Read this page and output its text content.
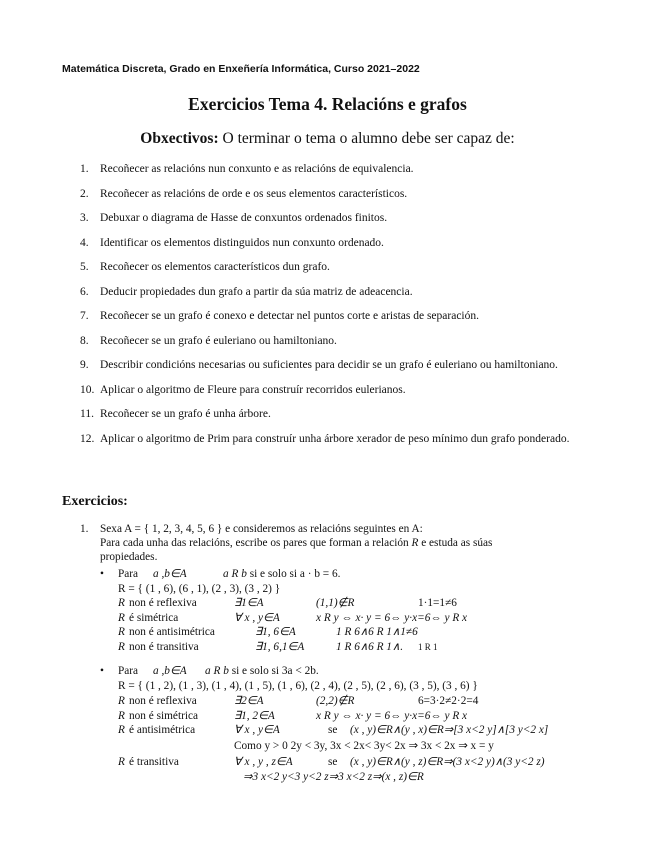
Matemática Discreta, Grado en Enxeñería Informática, Curso 2021–2022
Exercicios Tema 4. Relacións e grafos
Obxectivos: O terminar o tema o alumno debe ser capaz de:
1. Recoñecer as relacións nun conxunto e as relacións de equivalencia.
2. Recoñecer as relacións de orde e os seus elementos característicos.
3. Debuxar o diagrama de Hasse de conxuntos ordenados finitos.
4. Identificar os elementos distinguidos nun conxunto ordenado.
5. Recoñecer os elementos característicos dun grafo.
6. Deducir propiedades dun grafo a partir da súa matriz de adeacencia.
7. Recoñecer se un grafo é conexo e detectar nel puntos corte e aristas de separación.
8. Recoñecer se un grafo é euleriano ou hamiltoniano.
9. Describir condicións necesarias ou suficientes para decidir se un grafo é euleriano ou hamiltoniano.
10. Aplicar o algoritmo de Fleure para construír recorridos eulerianos.
11. Recoñecer se un grafo é unha árbore.
12. Aplicar o algoritmo de Prim para construír unha árbore xerador de peso mínimo dun grafo ponderado.
Exercicios:
1. Sexa A = { 1, 2, 3, 4, 5, 6 } e consideremos as relacións seguintes en A:
Para cada unha das relacións, escribe os pares que forman a relación R e estuda as súas
propiedades.
• Para a ,b∈A	a R b si e solo si a · b = 6.
R = { (1 , 6), (6 , 1), (2 , 3), (3 , 2) }
R non é reflexiva	∃1∈A	(1,1)∉R	1·1=1≠6
R é simétrica	∀ x , y∈A	x R y ⇔ x· y = 6⇔ y·x=6⇔ y R x
R non é antisimétrica	∃1, 6∈A	1 R 6∧6 R 1∧1≠6
R non é transitiva	∃1, 6,1∈A	1 R 6∧6 R 1∧. 1 R 1
• Para a ,b∈A a R b si e solo si 3a < 2b.
R = { (1 , 2), (1 , 3), (1 , 4), (1 , 5), (1 , 6), (2 , 4), (2 , 5), (2 , 6), (3 , 5), (3 , 6) }
R non é reflexiva	∃2∈A	(2,2)∉R	6=3·2≠2·2=4
R non é simétrica	∃1, 2∈A	x R y ⇔ x· y = 6⇔ y·x=6⇔ y R x
R é antisimétrica	∀ x , y∈A	se (x , y)∈R∧(y , x)∈R⇒[3 x<2 y]∧[3 y<2 x]
Como y > 0 2y < 3y, 3x < 2x< 3y< 2x ⇒ 3x < 2x ⇒ x = y
R é transitiva	∀ x , y , z∈A	se (x , y)∈R∧(y , z)∈R⇒(3 x<2 y)∧(3 y<2 z)
⇒3 x<2 y<3 y<2 z⇒3 x<2 z⇒(x , z)∈R
